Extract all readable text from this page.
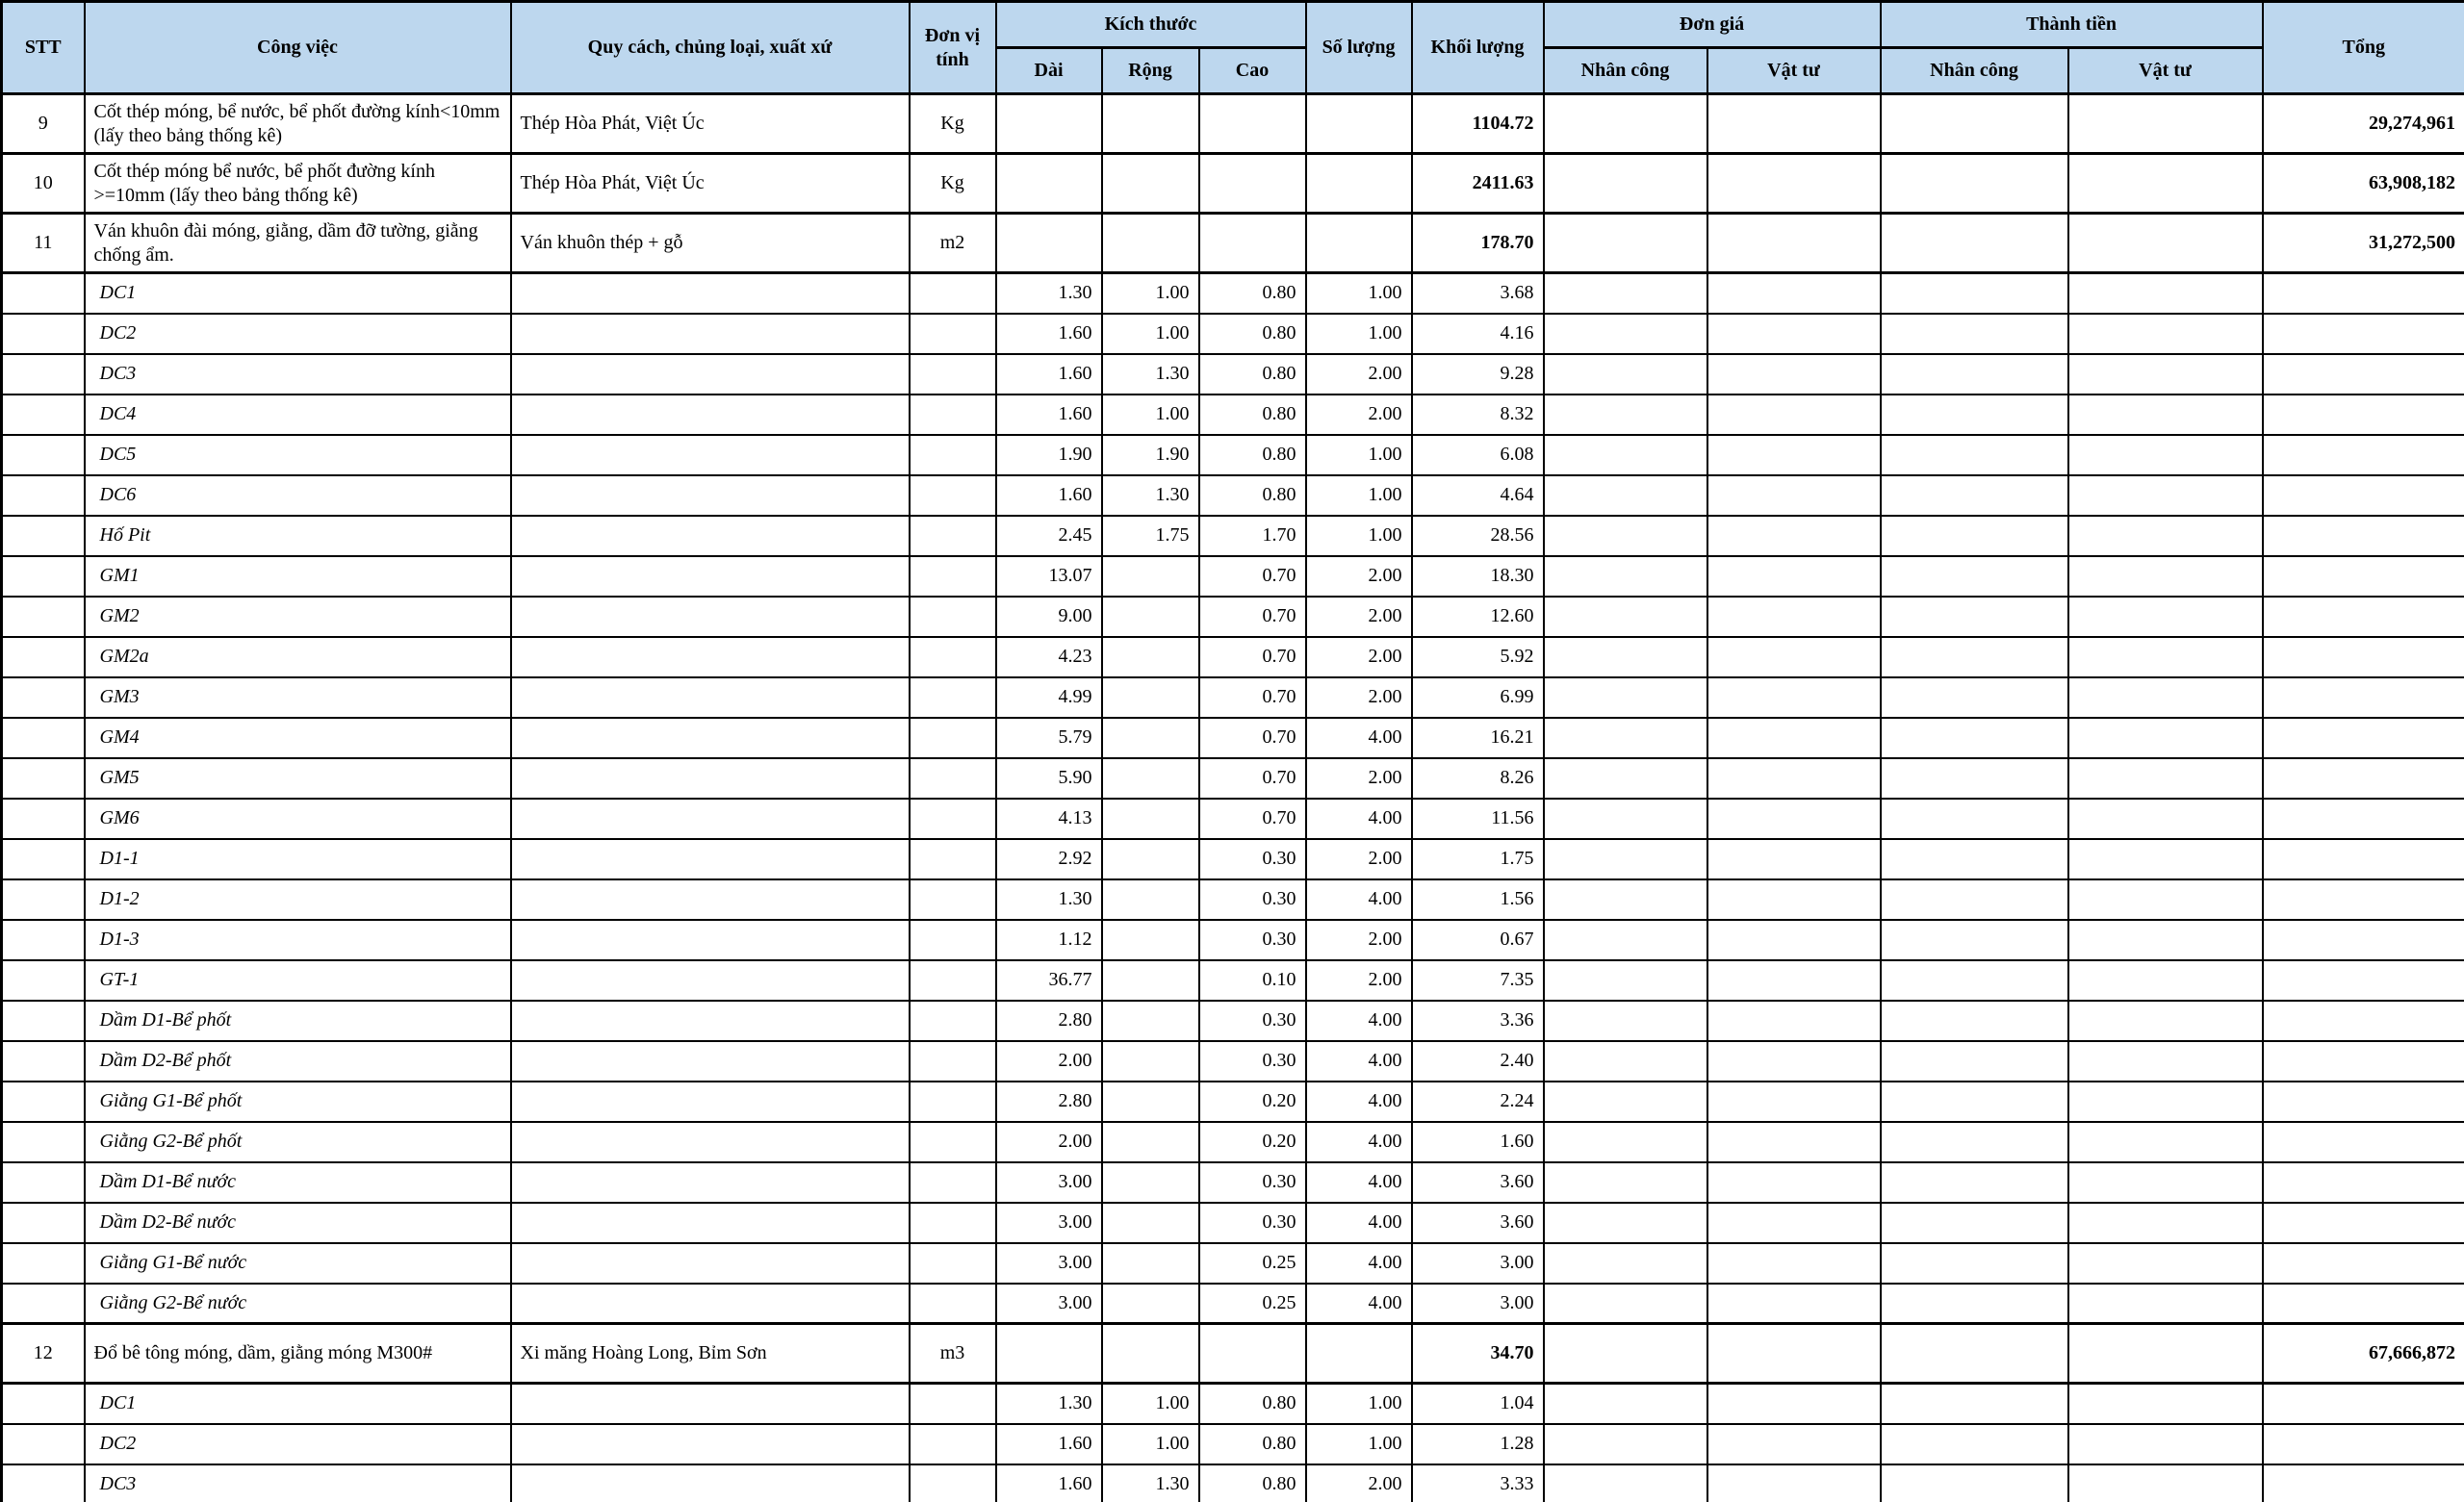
STT	Công việc	Quy cách, chủng loại, xuất xứ	Đơn vị tính	Kích thước			Số lượng	Khối lượng	Đơn giá		Thành tiền		Tổng
				Dài	Rộng	Cao			Nhân công	Vật tư	Nhân công	Vật tư	
9	Cốt thép móng, bể nước, bể phốt đường kính<10mm (lấy theo bảng thống kê)	Thép Hòa Phát, Việt Úc	Kg					1104.72					29,274,961
10	Cốt thép móng bể nước, bể phốt đường kính >=10mm (lấy theo bảng thống kê)	Thép Hòa Phát, Việt Úc	Kg					2411.63					63,908,182
11	Ván khuôn đài móng, giằng, dầm đỡ tường, giằng chống ẩm.	Ván khuôn thép + gỗ	m2					178.70					31,272,500
	DC1			1.30	1.00	0.80	1.00	3.68					
	DC2			1.60	1.00	0.80	1.00	4.16					
	DC3			1.60	1.30	0.80	2.00	9.28					
	DC4			1.60	1.00	0.80	2.00	8.32					
	DC5			1.90	1.90	0.80	1.00	6.08					
	DC6			1.60	1.30	0.80	1.00	4.64					
	Hố Pit			2.45	1.75	1.70	1.00	28.56					
	GM1			13.07		0.70	2.00	18.30					
	GM2			9.00		0.70	2.00	12.60					
	GM2a			4.23		0.70	2.00	5.92					
	GM3			4.99		0.70	2.00	6.99					
	GM4			5.79		0.70	4.00	16.21					
	GM5			5.90		0.70	2.00	8.26					
	GM6			4.13		0.70	4.00	11.56					
	D1-1			2.92		0.30	2.00	1.75					
	D1-2			1.30		0.30	4.00	1.56					
	D1-3			1.12		0.30	2.00	0.67					
	GT-1			36.77		0.10	2.00	7.35					
	Dầm D1-Bể phốt			2.80		0.30	4.00	3.36					
	Dầm D2-Bể phốt			2.00		0.30	4.00	2.40					
	Giằng G1-Bể phốt			2.80		0.20	4.00	2.24					
	Giằng G2-Bể phốt			2.00		0.20	4.00	1.60					
	Dầm D1-Bể nước			3.00		0.30	4.00	3.60					
	Dầm D2-Bể nước			3.00		0.30	4.00	3.60					
	Giằng G1-Bể nước			3.00		0.25	4.00	3.00					
	Giằng G2-Bể nước			3.00		0.25	4.00	3.00					
12	Đổ bê tông móng, dầm, giằng móng M300#	Xi măng Hoàng Long, Bỉm Sơn	m3					34.70					67,666,872
	DC1			1.30	1.00	0.80	1.00	1.04					
	DC2			1.60	1.00	0.80	1.00	1.28					
	DC3			1.60	1.30	0.80	2.00	3.33					
